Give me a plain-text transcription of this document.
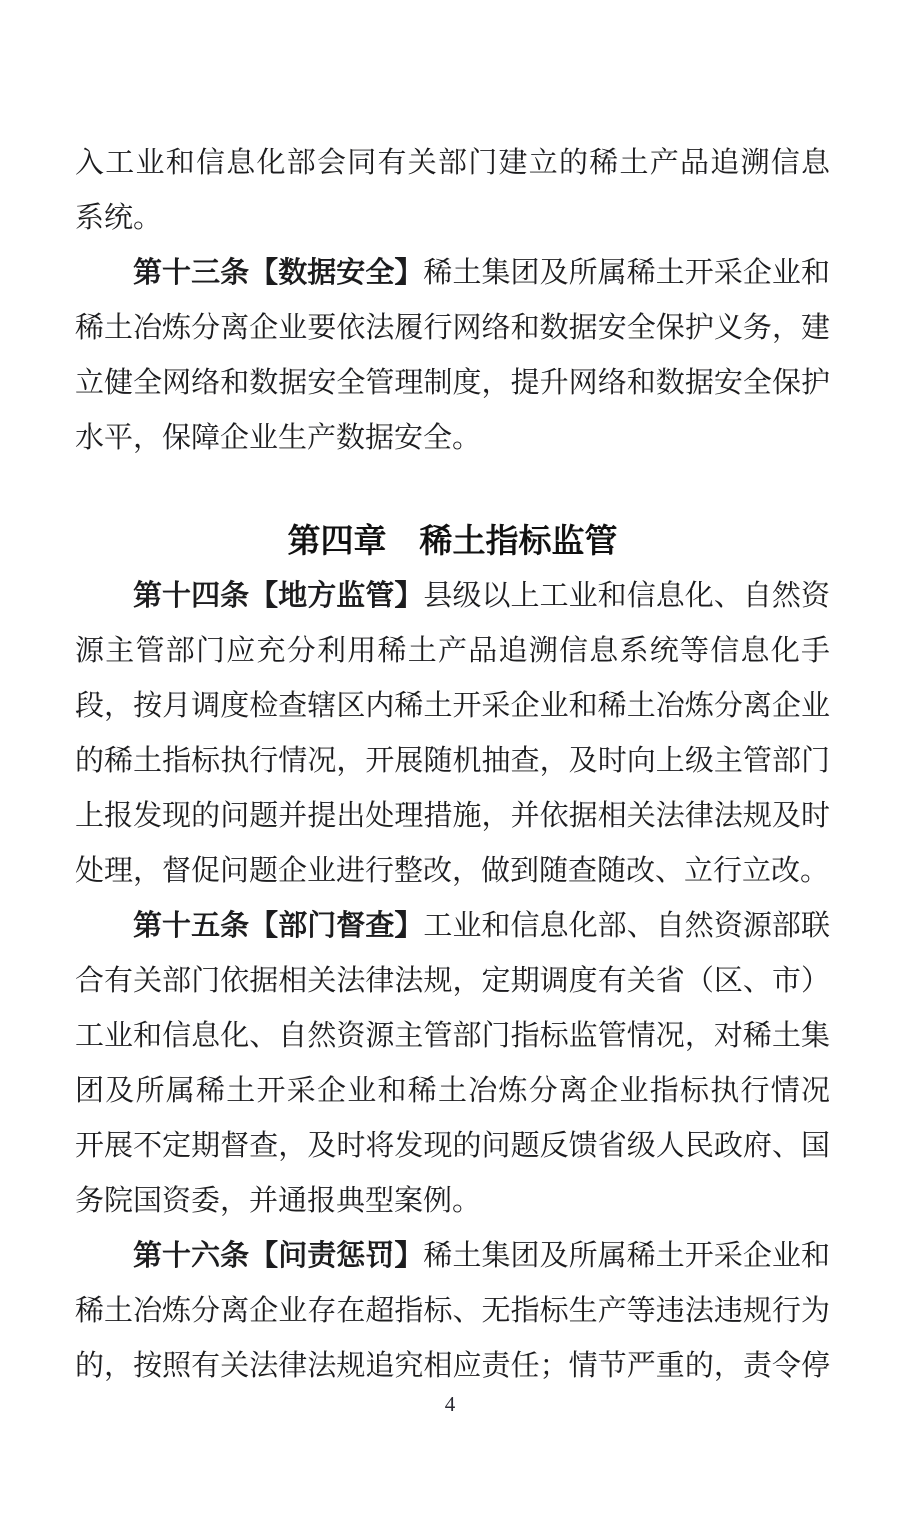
入工业和信息化部会同有关部门建立的稀土产品追溯信息
系统。
第十三条【数据安全】稀土集团及所属稀土开采企业和
稀土冶炼分离企业要依法履行网络和数据安全保护义务，建
立健全网络和数据安全管理制度，提升网络和数据安全保护
水平，保障企业生产数据安全。
第四章　稀土指标监管
第十四条【地方监管】县级以上工业和信息化、自然资
源主管部门应充分利用稀土产品追溯信息系统等信息化手
段，按月调度检查辖区内稀土开采企业和稀土冶炼分离企业
的稀土指标执行情况，开展随机抽查，及时向上级主管部门
上报发现的问题并提出处理措施，并依据相关法律法规及时
处理，督促问题企业进行整改，做到随查随改、立行立改。
第十五条【部门督查】工业和信息化部、自然资源部联
合有关部门依据相关法律法规，定期调度有关省（区、市）
工业和信息化、自然资源主管部门指标监管情况，对稀土集
团及所属稀土开采企业和稀土冶炼分离企业指标执行情况
开展不定期督查，及时将发现的问题反馈省级人民政府、国
务院国资委，并通报典型案例。
第十六条【问责惩罚】稀土集团及所属稀土开采企业和
稀土冶炼分离企业存在超指标、无指标生产等违法违规行为
的，按照有关法律法规追究相应责任；情节严重的，责令停
4
